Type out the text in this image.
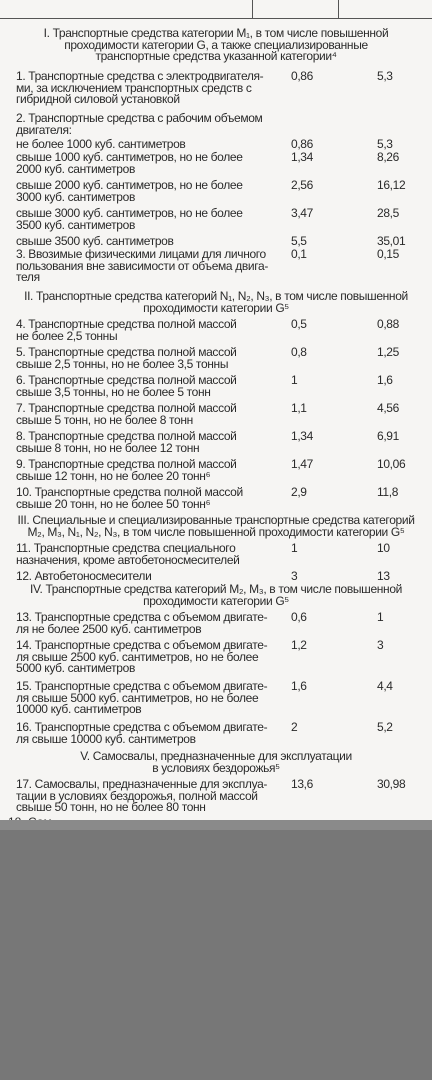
I. Транспортные средства категории M₁, в том числе повышенной
проходимости категории G, а также специализированные
транспортные средства указанной категории⁴
1. Транспортные средства с электродвигателя-
ми, за исключением транспортных средств с
гибридной силовой установкой
0,86	5,3
2. Транспортные средства с рабочим объемом
двигателя:
не более 1000 куб. сантиметров	0,86	5,3
свыше 1000 куб. сантиметров, но не более
2000 куб. сантиметров
1,34	8,26
свыше 2000 куб. сантиметров, но не более
3000 куб. сантиметров
2,56	16,12
свыше 3000 куб. сантиметров, но не более
3500 куб. сантиметров
3,47	28,5
свыше 3500 куб. сантиметров	5,5	35,01
3. Ввозимые физическими лицами для личного
пользования вне зависимости от объема двига-
теля
0,1	0,15
II. Транспортные средства категорий N₁, N₂, N₃, в том числе повышенной
проходимости категории G⁵
4. Транспортные средства полной массой
не более 2,5 тонны
0,5	0,88
5. Транспортные средства полной массой
свыше 2,5 тонны, но не более 3,5 тонны
0,8	1,25
6. Транспортные средства полной массой
свыше 3,5 тонны, но не более 5 тонн
1	1,6
7. Транспортные средства полной массой
свыше 5 тонн, но не более 8 тонн
1,1	4,56
8. Транспортные средства полной массой
свыше 8 тонн, но не более 12 тонн
1,34	6,91
9. Транспортные средства полной массой
свыше 12 тонн, но не более 20 тонн⁶
1,47	10,06
10. Транспортные средства полной массой
свыше 20 тонн, но не более 50 тонн⁶
2,9	11,8
III. Специальные и специализированные транспортные средства категорий
M₂, M₃, N₁, N₂, N₃, в том числе повышенной проходимости категории G⁵
11. Транспортные средства специального
назначения, кроме автобетоносмесителей
1	10
12. Автобетоносмесители	3	13
IV. Транспортные средства категорий M₂, M₃, в том числе повышенной
проходимости категории G⁵
13. Транспортные средства с объемом двигате-
ля не более 2500 куб. сантиметров
0,6	1
14. Транспортные средства с объемом двигате-
ля свыше 2500 куб. сантиметров, но не более
5000 куб. сантиметров
1,2	3
15. Транспортные средства с объемом двигате-
ля свыше 5000 куб. сантиметров, но не более
10000 куб. сантиметров
1,6	4,4
16. Транспортные средства с объемом двигате-
ля свыше 10000 куб. сантиметров
2	5,2
V. Самосвалы, предназначенные для эксплуатации
в условиях бездорожья⁵
17. Самосвалы, предназначенные для эксплуа-
тации в условиях бездорожья, полной массой
свыше 50 тонн, но не более 80 тонн
13,6	30,98
